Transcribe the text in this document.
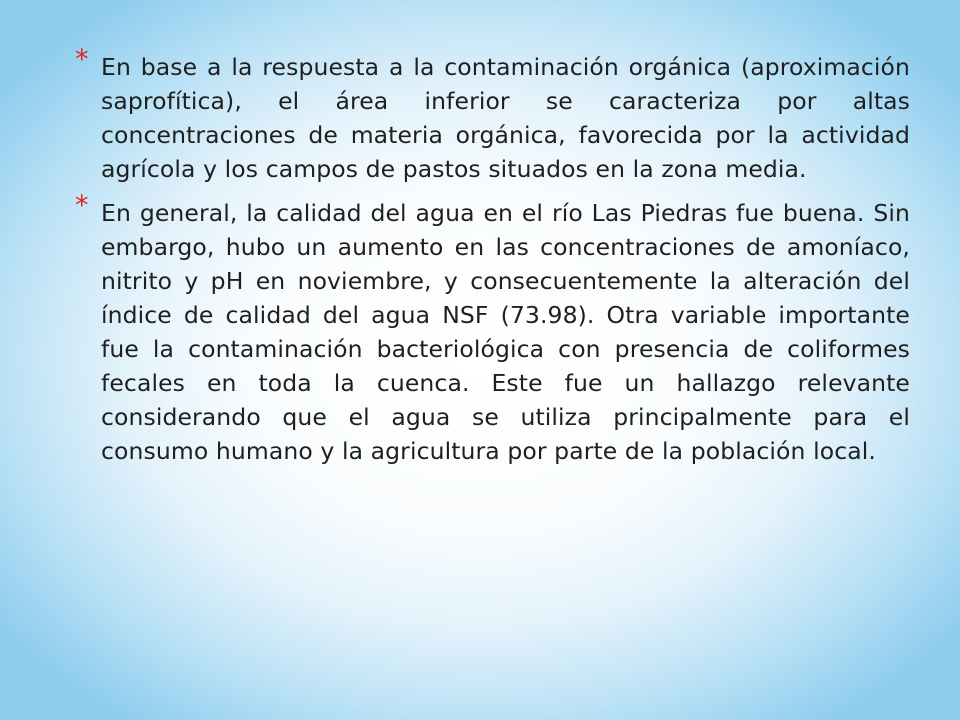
* En base a la respuesta a la contaminación orgánica (aproximación saprofítica), el área inferior se caracteriza por altas concentraciones de materia orgánica, favorecida por la actividad agrícola y los campos de pastos situados en la zona media.
* En general, la calidad del agua en el río Las Piedras fue buena. Sin embargo, hubo un aumento en las concentraciones de amoníaco, nitrito y pH en noviembre, y consecuentemente la alteración del índice de calidad del agua NSF (73.98). Otra variable importante fue la contaminación bacteriológica con presencia de coliformes fecales en toda la cuenca. Este fue un hallazgo relevante considerando que el agua se utiliza principalmente para el consumo humano y la agricultura por parte de la población local.
